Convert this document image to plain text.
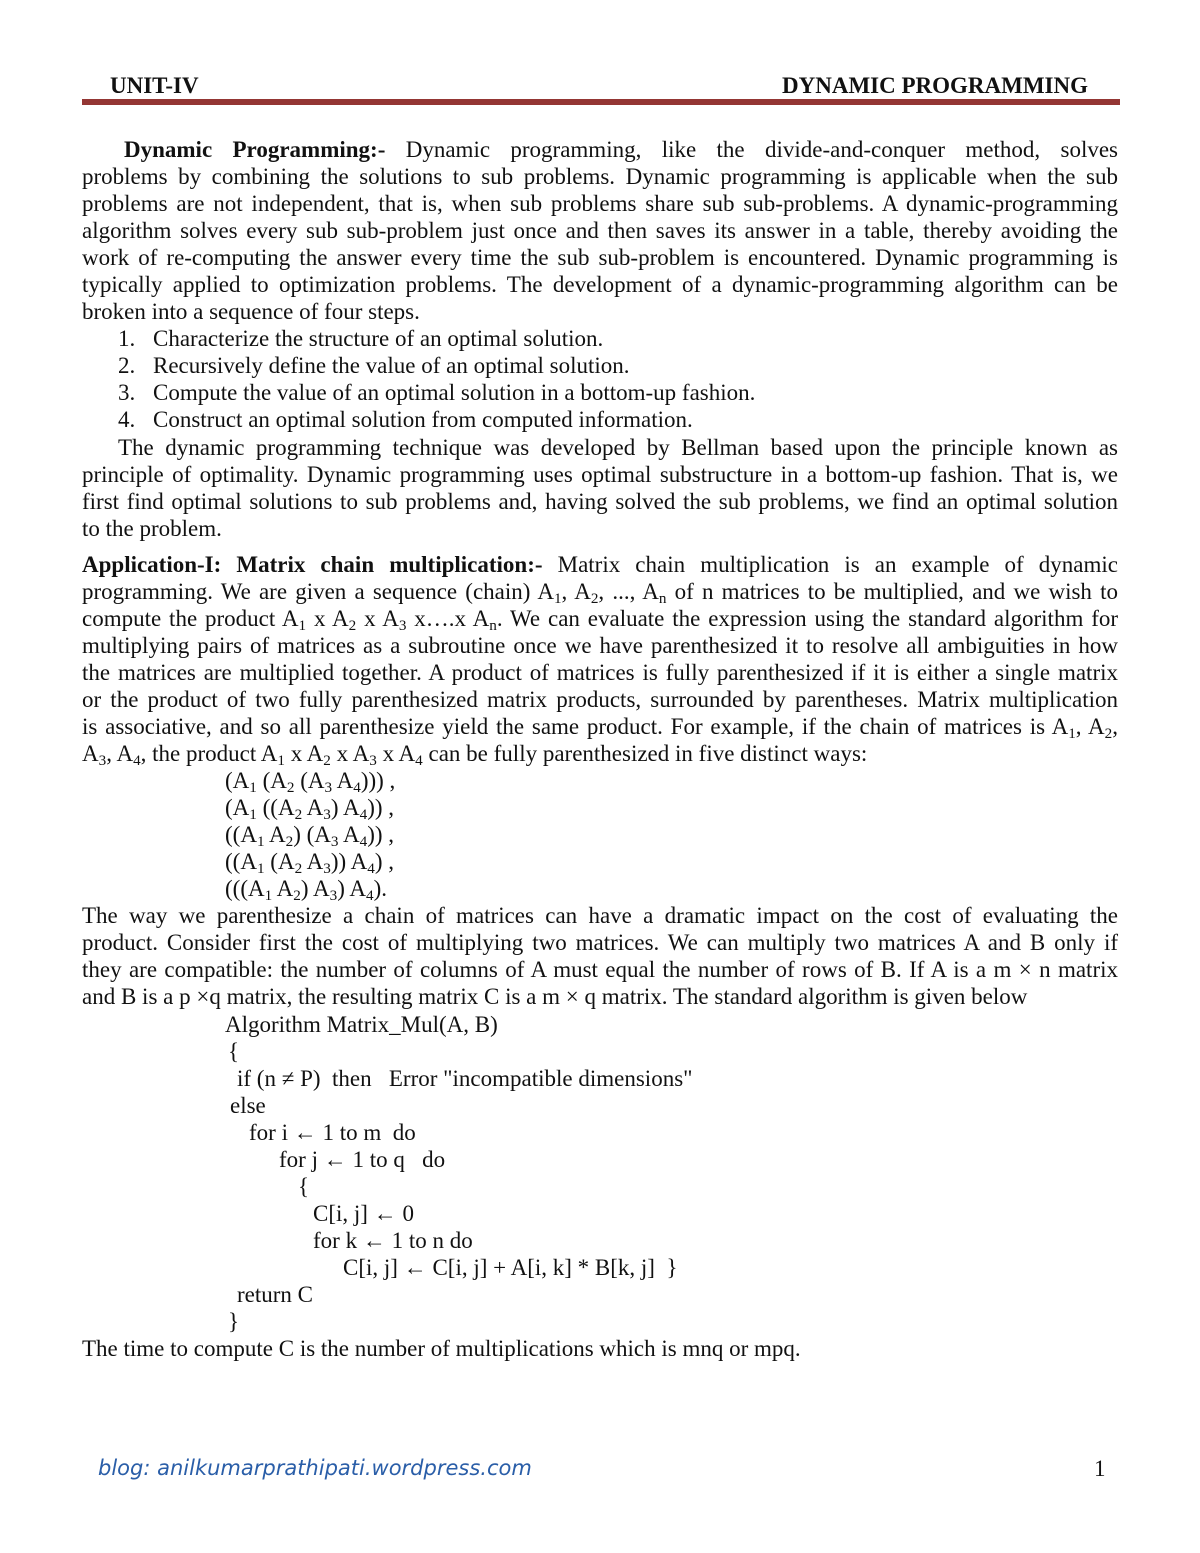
UNIT-IV	DYNAMIC PROGRAMMING
Dynamic Programming:- Dynamic programming, like the divide-and-conquer method, solves
problems by combining the solutions to sub problems. Dynamic programming is applicable when the sub
problems are not independent, that is, when sub problems share sub sub-problems. A dynamic-programming
algorithm solves every sub sub-problem just once and then saves its answer in a table, thereby avoiding the
work of re-computing the answer every time the sub sub-problem is encountered. Dynamic programming is
typically applied to optimization problems. The development of a dynamic-programming algorithm can be
broken into a sequence of four steps.
1. Characterize the structure of an optimal solution.
2. Recursively define the value of an optimal solution.
3. Compute the value of an optimal solution in a bottom-up fashion.
4. Construct an optimal solution from computed information.
The dynamic programming technique was developed by Bellman based upon the principle known as
principle of optimality. Dynamic programming uses optimal substructure in a bottom-up fashion. That is, we
first find optimal solutions to sub problems and, having solved the sub problems, we find an optimal solution
to the problem.
Application-I: Matrix chain multiplication:- Matrix chain multiplication is an example of dynamic
programming. We are given a sequence (chain) $A_1$, $A_2$, ..., $A_n$ of n matrices to be multiplied, and we wish to
compute the product $A_1$ x $A_2$ x $A_3$ x….x $A_n$. We can evaluate the expression using the standard algorithm for
multiplying pairs of matrices as a subroutine once we have parenthesized it to resolve all ambiguities in how
the matrices are multiplied together. A product of matrices is fully parenthesized if it is either a single matrix
or the product of two fully parenthesized matrix products, surrounded by parentheses. Matrix multiplication
is associative, and so all parenthesize yield the same product. For example, if the chain of matrices is $A_1$, $A_2$,
$A_3$, $A_4$, the product $A_1$ x $A_2$ x $A_3$ x $A_4$ can be fully parenthesized in five distinct ways:
($A_1$ ($A_2$ ($A_3$ $A_4$))) ,
($A_1$ (($A_2$ $A_3$) $A_4$)) ,
(($A_1$ $A_2$) ($A_3$ $A_4$)) ,
(($A_1$ ($A_2$ $A_3$)) $A_4$) ,
((($A_1$ $A_2$) $A_3$) $A_4$).
The way we parenthesize a chain of matrices can have a dramatic impact on the cost of evaluating the
product. Consider first the cost of multiplying two matrices. We can multiply two matrices A and B only if
they are compatible: the number of columns of A must equal the number of rows of B. If A is a m × n matrix
and B is a p ×q matrix, the resulting matrix C is a m × q matrix. The standard algorithm is given below
Algorithm Matrix_Mul(A, B)
{
if (n ≠ P)  then   Error "incompatible dimensions"
else
for i ← 1 to m  do
for j ← 1 to q   do
{
C[i, j] ← 0
for k ← 1 to n do
C[i, j] ← C[i, j] + A[i, k] * B[k, j]  }
return C
}
The time to compute C is the number of multiplications which is mnq or mpq.
blog: anilkumarprathipati.wordpress.com	1
